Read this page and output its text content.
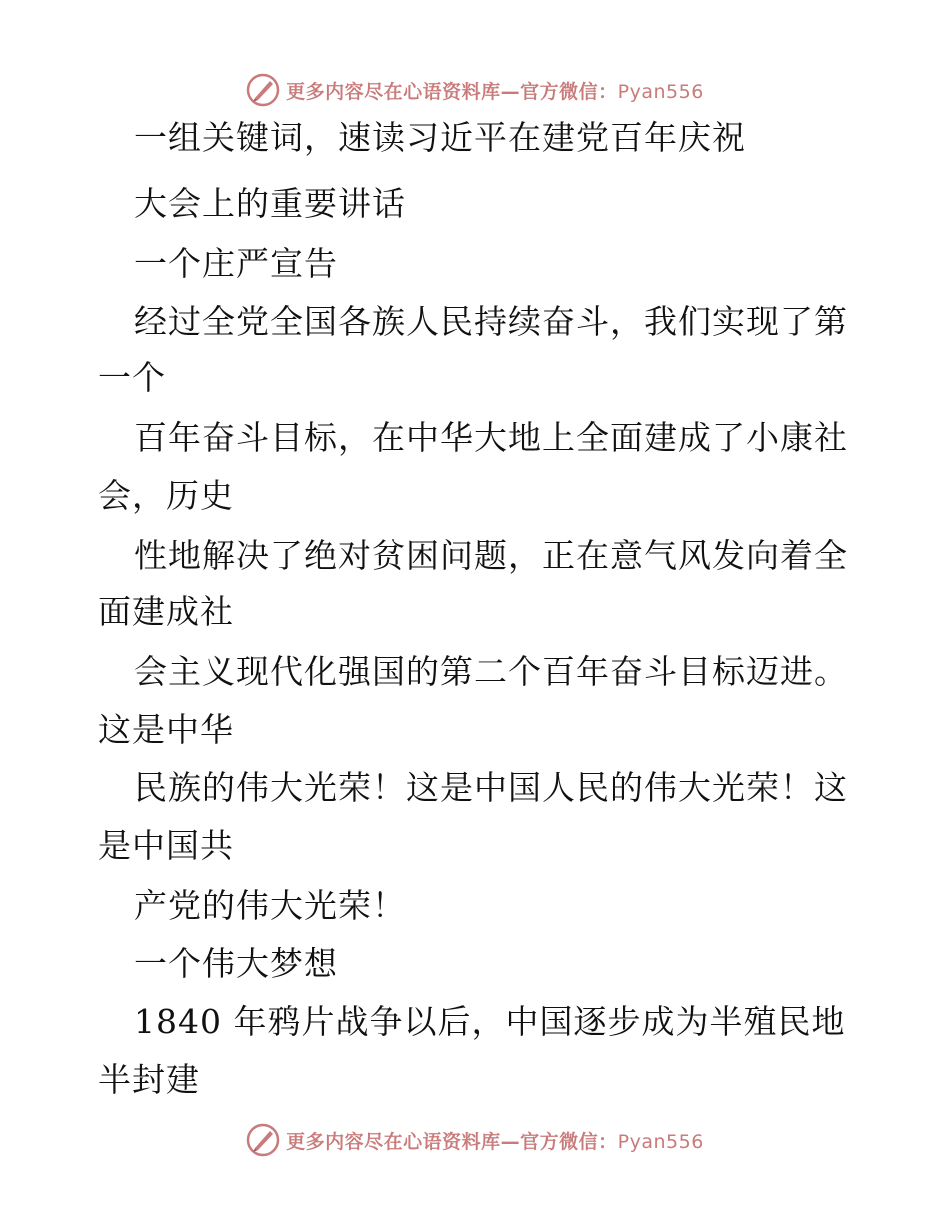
更多内容尽在心语资料库—官方微信：Pyan556
一组关键词，速读习近平在建党百年庆祝
大会上的重要讲话
一个庄严宣告
经过全党全国各族人民持续奋斗，我们实现了第
一个
百年奋斗目标，在中华大地上全面建成了小康社
会，历史
性地解决了绝对贫困问题，正在意气风发向着全
面建成社
会主义现代化强国的第二个百年奋斗目标迈进。
这是中华
民族的伟大光荣！这是中国人民的伟大光荣！这
是中国共
产党的伟大光荣！
一个伟大梦想
1840 年鸦片战争以后，中国逐步成为半殖民地
半封建
更多内容尽在心语资料库—官方微信：Pyan556
